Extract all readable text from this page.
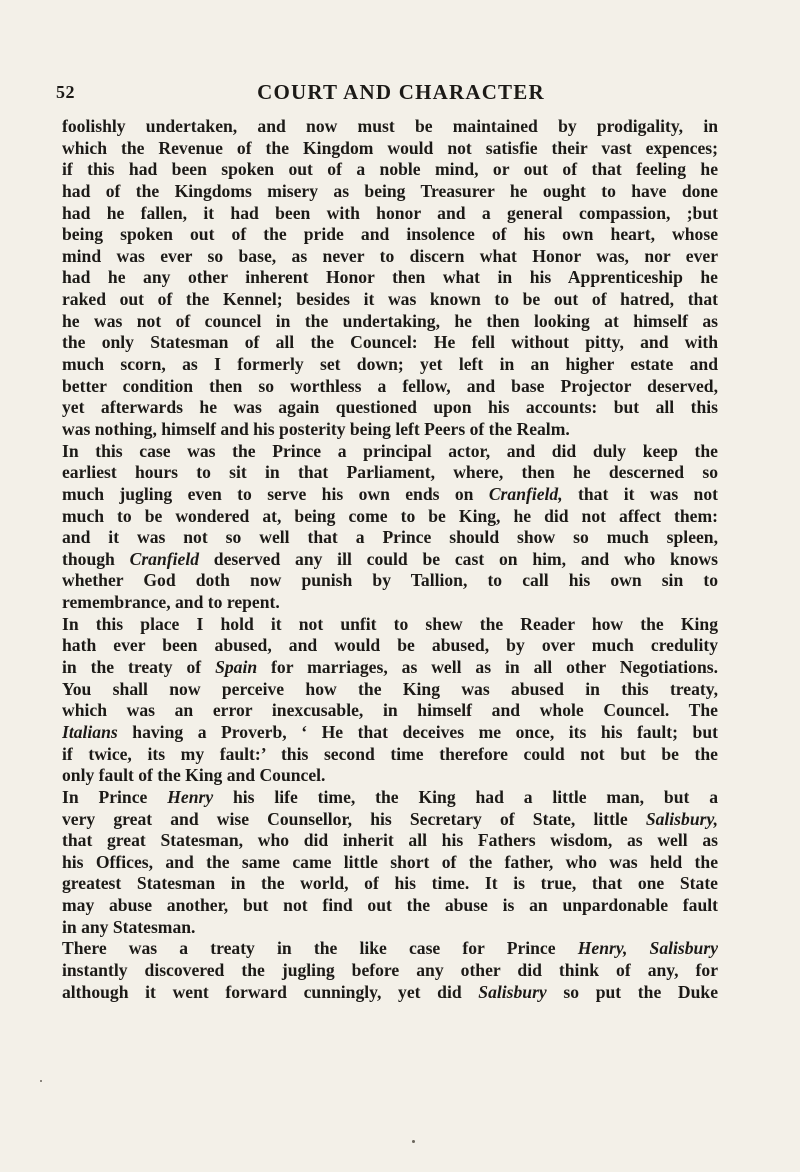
52	COURT AND CHARACTER
foolishly undertaken, and now must be maintained by prodigality, in
which the Revenue of the Kingdom would not satisfie their vast expences;
if this had been spoken out of a noble mind, or out of that feeling he
had of the Kingdoms misery as being Treasurer he ought to have done
had he fallen, it had been with honor and a general compassion, ;but
being spoken out of the pride and insolence of his own heart, whose
mind was ever so base, as never to discern what Honor was, nor ever
had he any other inherent Honor then what in his Apprenticeship he
raked out of the Kennel; besides it was known to be out of hatred, that
he was not of councel in the undertaking, he then looking at himself as
the only Statesman of all the Councel: He fell without pitty, and with
much scorn, as I formerly set down; yet left in an higher estate and
better condition then so worthless a fellow, and base Projector deserved,
yet afterwards he was again questioned upon his accounts: but all this
was nothing, himself and his posterity being left Peers of the Realm.
In this case was the Prince a principal actor, and did duly keep the
earliest hours to sit in that Parliament, where, then he descerned so
much jugling even to serve his own ends on Cranfield, that it was not
much to be wondered at, being come to be King, he did not affect them:
and it was not so well that a Prince should show so much spleen,
though Cranfield deserved any ill could be cast on him, and who knows
whether God doth now punish by Tallion, to call his own sin to
remembrance, and to repent.
In this place I hold it not unfit to shew the Reader how the King
hath ever been abused, and would be abused, by over much credulity
in the treaty of Spain for marriages, as well as in all other Negotiations.
You shall now perceive how the King was abused in this treaty,
which was an error inexcusable, in himself and whole Councel. The
Italians having a Proverb, ‘ He that deceives me once, its his fault; but
if twice, its my fault:’ this second time therefore could not but be the
only fault of the King and Councel.
In Prince Henry his life time, the King had a little man, but a
very great and wise Counsellor, his Secretary of State, little Salisbury,
that great Statesman, who did inherit all his Fathers wisdom, as well as
his Offices, and the same came little short of the father, who was held the
greatest Statesman in the world, of his time. It is true, that one State
may abuse another, but not find out the abuse is an unpardonable fault
in any Statesman.
There was a treaty in the like case for Prince Henry, Salisbury
instantly discovered the jugling before any other did think of any, for
although it went forward cunningly, yet did Salisbury so put the Duke
